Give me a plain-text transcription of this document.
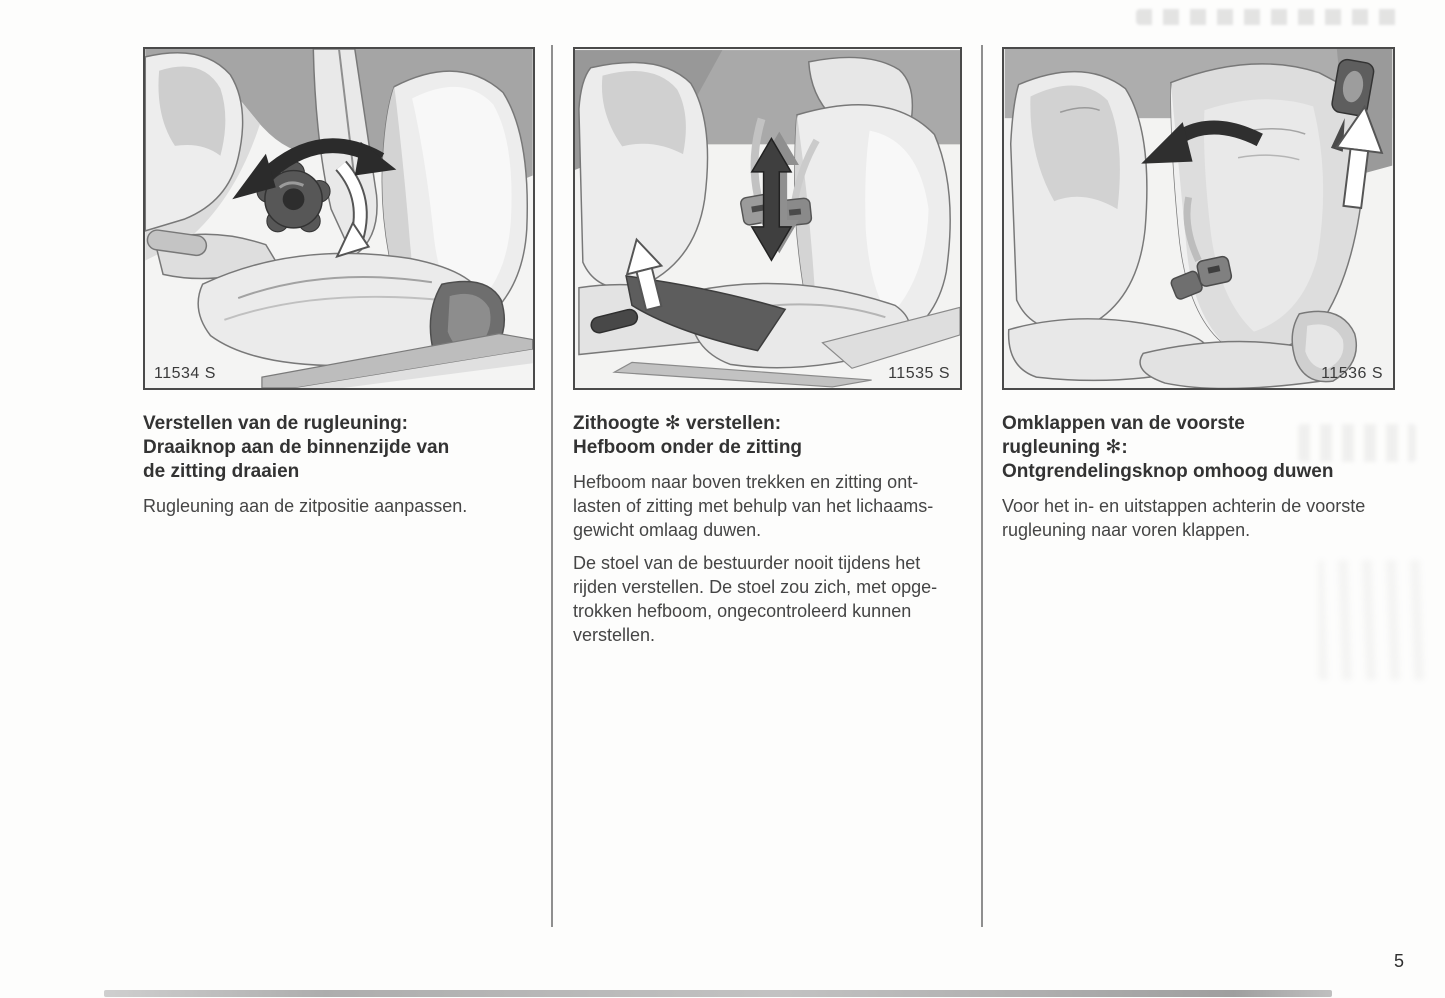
11534 S	11535 S	11536 S
Verstellen van de rugleuning:
Draaiknop aan de binnenzijde van
de zitting draaien

Rugleuning aan de zitpositie aanpassen.

Zithoogte ✻ verstellen:
Hefboom onder de zitting

Hefboom naar boven trekken en zitting ont-
lasten of zitting met behulp van het lichaams-
gewicht omlaag duwen.

De stoel van de bestuurder nooit tijdens het
rijden verstellen. De stoel zou zich, met opge-
trokken hefboom, ongecontroleerd kunnen
verstellen.

Omklappen van de voorste
rugleuning ✻:
Ontgrendelingsknop omhoog duwen

Voor het in- en uitstappen achterin de voorste
rugleuning naar voren klappen.

5
